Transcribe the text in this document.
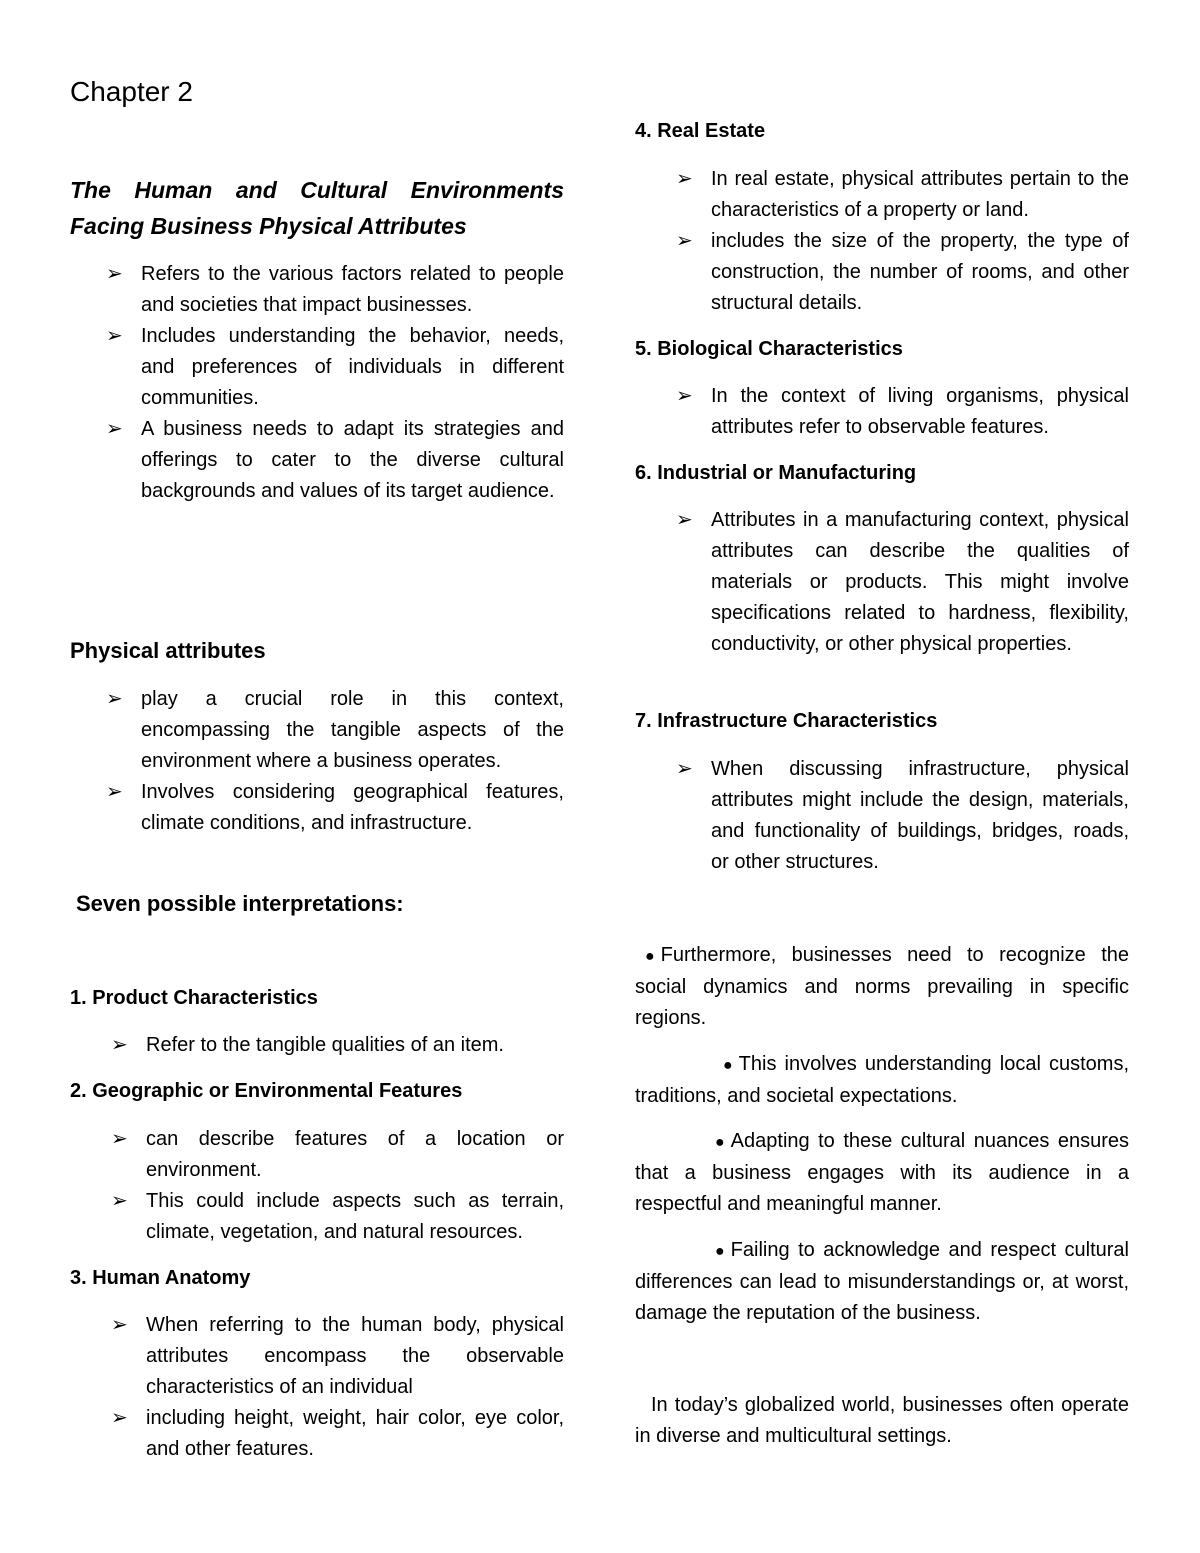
Chapter 2
The Human and Cultural Environments Facing Business Physical Attributes
➢ Refers to the various factors related to people and societies that impact businesses.
➢ Includes understanding the behavior, needs, and preferences of individuals in different communities.
➢ A business needs to adapt its strategies and offerings to cater to the diverse cultural backgrounds and values of its target audience.
Physical attributes
➢ play a crucial role in this context, encompassing the tangible aspects of the environment where a business operates.
➢ Involves considering geographical features, climate conditions, and infrastructure.
Seven possible interpretations:
1. Product Characteristics
➢ Refer to the tangible qualities of an item.
2. Geographic or Environmental Features
➢ can describe features of a location or environment.
➢ This could include aspects such as terrain, climate, vegetation, and natural resources.
3. Human Anatomy
➢ When referring to the human body, physical attributes encompass the observable characteristics of an individual
➢ including height, weight, hair color, eye color, and other features.
4. Real Estate
➢ In real estate, physical attributes pertain to the characteristics of a property or land.
➢ includes the size of the property, the type of construction, the number of rooms, and other structural details.
5. Biological Characteristics
➢ In the context of living organisms, physical attributes refer to observable features.
6. Industrial or Manufacturing
➢ Attributes in a manufacturing context, physical attributes can describe the qualities of materials or products. This might involve specifications related to hardness, flexibility, conductivity, or other physical properties.
7. Infrastructure Characteristics
➢ When discussing infrastructure, physical attributes might include the design, materials, and functionality of buildings, bridges, roads, or other structures.

● Furthermore, businesses need to recognize the social dynamics and norms prevailing in specific regions.

● This involves understanding local customs, traditions, and societal expectations.

● Adapting to these cultural nuances ensures that a business engages with its audience in a respectful and meaningful manner.

● Failing to acknowledge and respect cultural differences can lead to misunderstandings or, at worst, damage the reputation of the business.

In today’s globalized world, businesses often operate in diverse and multicultural settings.
